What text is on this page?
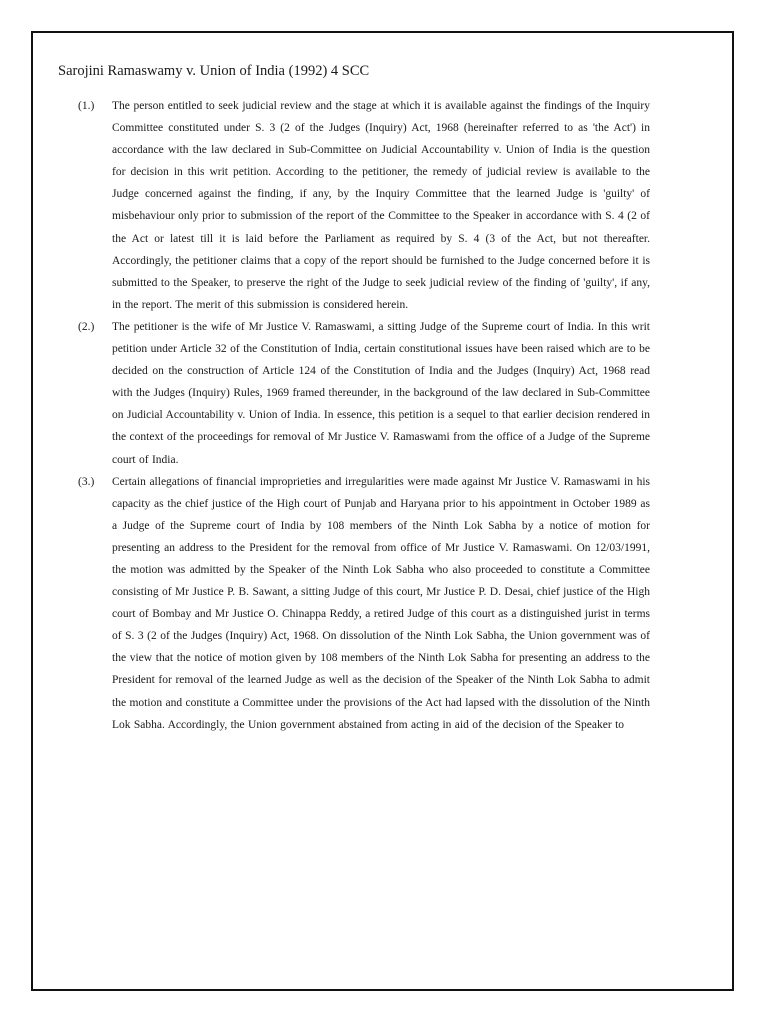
Sarojini Ramaswamy v. Union of India (1992) 4 SCC
(1.) The person entitled to seek judicial review and the stage at which it is available against the findings of the Inquiry Committee constituted under S. 3 (2 of the Judges (Inquiry) Act, 1968 (hereinafter referred to as 'the Act') in accordance with the law declared in Sub-Committee on Judicial Accountability v. Union of India is the question for decision in this writ petition. According to the petitioner, the remedy of judicial review is available to the Judge concerned against the finding, if any, by the Inquiry Committee that the learned Judge is 'guilty' of misbehaviour only prior to submission of the report of the Committee to the Speaker in accordance with S. 4 (2 of the Act or latest till it is laid before the Parliament as required by S. 4 (3 of the Act, but not thereafter. Accordingly, the petitioner claims that a copy of the report should be furnished to the Judge concerned before it is submitted to the Speaker, to preserve the right of the Judge to seek judicial review of the finding of 'guilty', if any, in the report. The merit of this submission is considered herein.
(2.) The petitioner is the wife of Mr Justice V. Ramaswami, a sitting Judge of the Supreme court of India. In this writ petition under Article 32 of the Constitution of India, certain constitutional issues have been raised which are to be decided on the construction of Article 124 of the Constitution of India and the Judges (Inquiry) Act, 1968 read with the Judges (Inquiry) Rules, 1969 framed thereunder, in the background of the law declared in Sub-Committee on Judicial Accountability v. Union of India. In essence, this petition is a sequel to that earlier decision rendered in the context of the proceedings for removal of Mr Justice V. Ramaswami from the office of a Judge of the Supreme court of India.
(3.) Certain allegations of financial improprieties and irregularities were made against Mr Justice V. Ramaswami in his capacity as the chief justice of the High court of Punjab and Haryana prior to his appointment in October 1989 as a Judge of the Supreme court of India by 108 members of the Ninth Lok Sabha by a notice of motion for presenting an address to the President for the removal from office of Mr Justice V. Ramaswami. On 12/03/1991, the motion was admitted by the Speaker of the Ninth Lok Sabha who also proceeded to constitute a Committee consisting of Mr Justice P. B. Sawant, a sitting Judge of this court, Mr Justice P. D. Desai, chief justice of the High court of Bombay and Mr Justice O. Chinappa Reddy, a retired Judge of this court as a distinguished jurist in terms of S. 3 (2 of the Judges (Inquiry) Act, 1968. On dissolution of the Ninth Lok Sabha, the Union government was of the view that the notice of motion given by 108 members of the Ninth Lok Sabha for presenting an address to the President for removal of the learned Judge as well as the decision of the Speaker of the Ninth Lok Sabha to admit the motion and constitute a Committee under the provisions of the Act had lapsed with the dissolution of the Ninth Lok Sabha. Accordingly, the Union government abstained from acting in aid of the decision of the Speaker to
